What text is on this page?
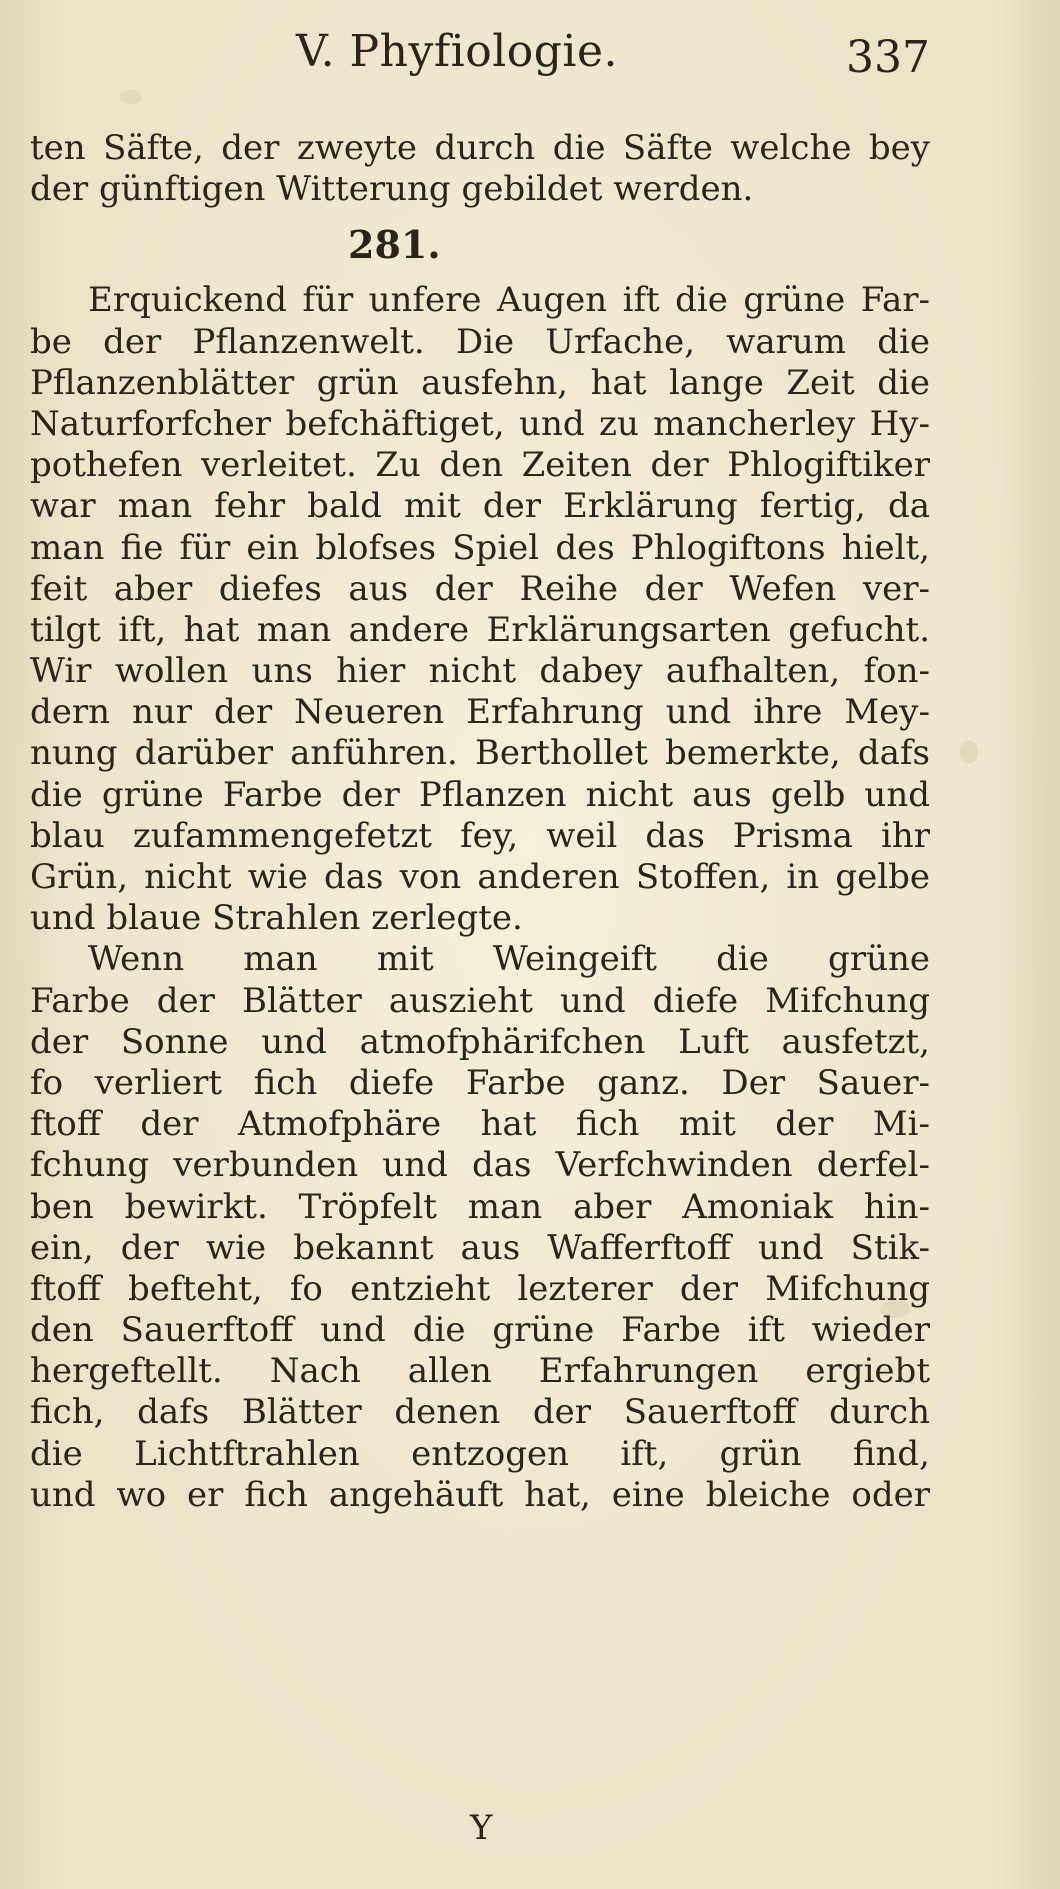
V. Phyfiologie.	337
ten Säfte, der zweyte durch die Säfte welche bey
der günftigen Witterung gebildet werden.
281.
Erquickend für unfere Augen ift die grüne Far-
be der Pflanzenwelt. Die Urfache, warum die
Pflanzenblätter grün ausfehn, hat lange Zeit die
Naturforfcher befchäftiget, und zu mancherley Hy-
pothefen verleitet. Zu den Zeiten der Phlogiftiker
war man fehr bald mit der Erklärung fertig, da
man fie für ein blofses Spiel des Phlogiftons hielt,
feit aber diefes aus der Reihe der Wefen ver-
tilgt ift, hat man andere Erklärungsarten gefucht.
Wir wollen uns hier nicht dabey aufhalten, fon-
dern nur der Neueren Erfahrung und ihre Mey-
nung darüber anführen. Berthollet bemerkte, dafs
die grüne Farbe der Pflanzen nicht aus gelb und
blau zufammengefetzt fey, weil das Prisma ihr
Grün, nicht wie das von anderen Stoffen, in gelbe
und blaue Strahlen zerlegte.
Wenn man mit Weingeift die grüne
Farbe der Blätter auszieht und diefe Mifchung
der Sonne und atmofphärifchen Luft ausfetzt,
fo verliert fich diefe Farbe ganz. Der Sauer-
ftoff der Atmofphäre hat fich mit der Mi-
fchung verbunden und das Verfchwinden derfel-
ben bewirkt. Tröpfelt man aber Amoniak hin-
ein, der wie bekannt aus Wafferftoff und Stik-
ftoff befteht, fo entzieht lezterer der Mifchung
den Sauerftoff und die grüne Farbe ift wieder
hergeftellt. Nach allen Erfahrungen ergiebt
fich, dafs Blätter denen der Sauerftoff durch
die Lichtftrahlen entzogen ift, grün find,
und wo er fich angehäuft hat, eine bleiche oder
Y
